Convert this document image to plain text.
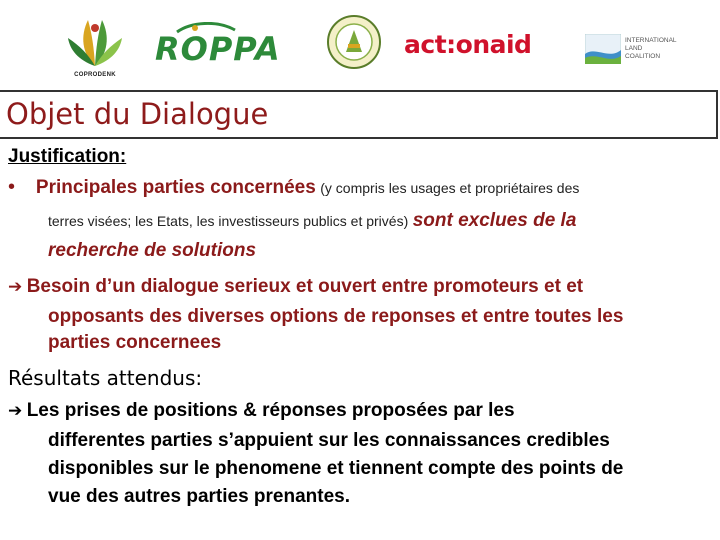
COPRODENK
ROPPA	act:onaid	INTERNATIONAL
LAND
COALITION
Objet du Dialogue
Justification:
• Principales parties concernées (y compris les usages et propriétaires des
terres visées; les Etats, les investisseurs publics et privés) sont exclues de la
recherche de solutions
➔ Besoin d’un dialogue serieux et ouvert entre promoteurs et et
opposants des diverses options de reponses et entre toutes les
parties concernees
Résultats attendus:
➔ Les prises de positions & réponses proposées par les
differentes parties s’appuient sur les connaissances credibles
disponibles sur le phenomene et tiennent compte des points de
vue des autres parties prenantes.
